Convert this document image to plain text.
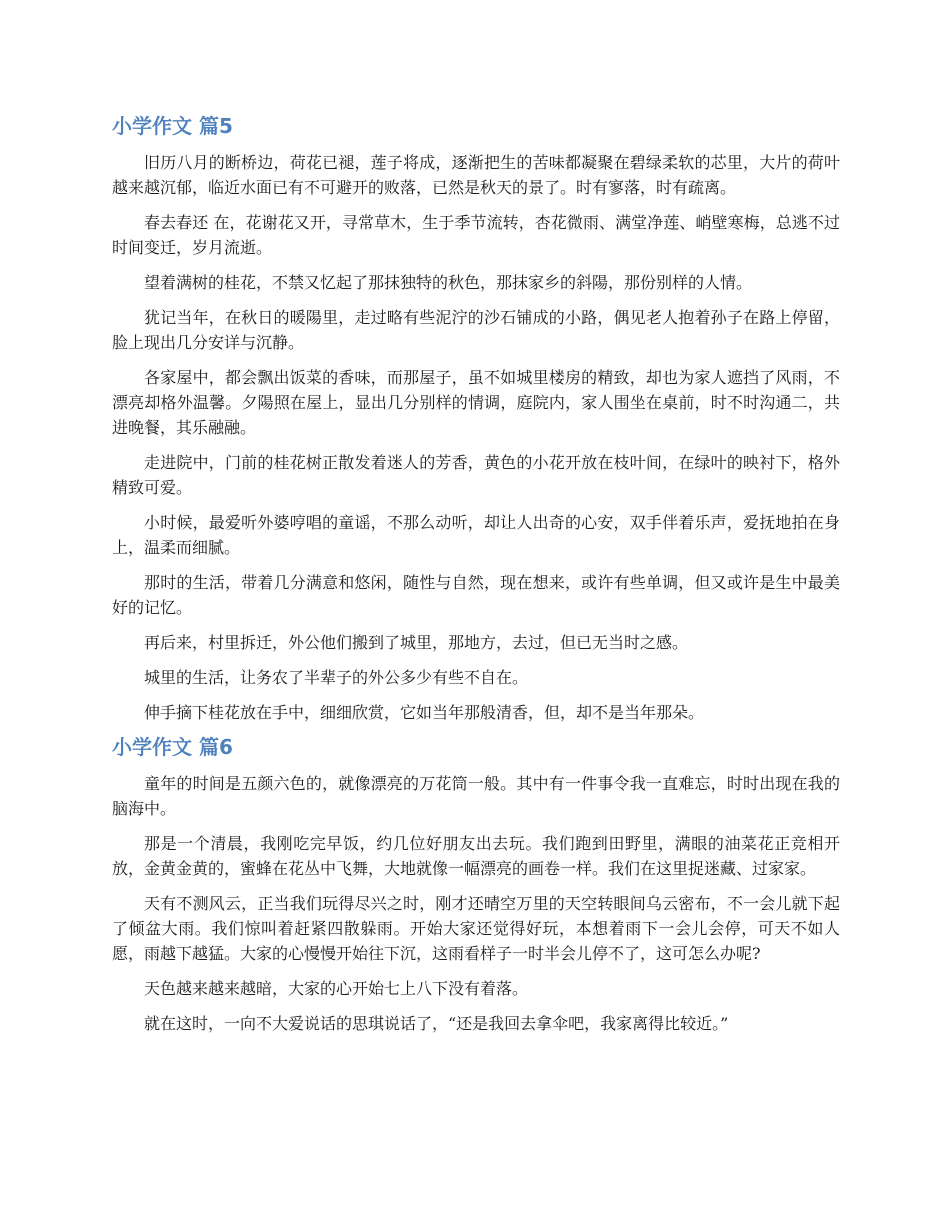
小学作文 篇5

旧历八月的断桥边，荷花已褪，莲子将成，逐渐把生的苦味都凝聚在碧绿柔软的芯里，大片的荷叶越来越沉郁，临近水面已有不可避开的败落，已然是秋天的景了。时有寥落，时有疏离。

春去春还 在，花谢花又开，寻常草木，生于季节流转，杏花微雨、满堂净莲、峭壁寒梅，总逃不过时间变迁，岁月流逝。

望着满树的桂花，不禁又忆起了那抹独特的秋色，那抹家乡的斜陽，那份别样的人情。

犹记当年，在秋日的暖陽里，走过略有些泥泞的沙石铺成的小路，偶见老人抱着孙子在路上停留，脸上现出几分安详与沉静。

各家屋中，都会飘出饭菜的香味，而那屋子，虽不如城里楼房的精致，却也为家人遮挡了风雨，不漂亮却格外温馨。夕陽照在屋上，显出几分别样的情调，庭院内，家人围坐在桌前，时不时沟通二，共进晚餐，其乐融融。

走进院中，门前的桂花树正散发着迷人的芳香，黄色的小花开放在枝叶间，在绿叶的映衬下，格外精致可爱。

小时候，最爱听外婆哼唱的童谣，不那么动听，却让人出奇的心安，双手伴着乐声，爱抚地拍在身上，温柔而细腻。

那时的生活，带着几分满意和悠闲，随性与自然，现在想来，或许有些单调，但又或许是生中最美好的记忆。

再后来，村里拆迁，外公他们搬到了城里，那地方，去过，但已无当时之感。

城里的生活，让务农了半辈子的外公多少有些不自在。

伸手摘下桂花放在手中，细细欣赏，它如当年那般清香，但，却不是当年那朵。

小学作文 篇6

童年的时间是五颜六色的，就像漂亮的万花筒一般。其中有一件事令我一直难忘，时时出现在我的脑海中。

那是一个清晨，我刚吃完早饭，约几位好朋友出去玩。我们跑到田野里，满眼的油菜花正竞相开放，金黄金黄的，蜜蜂在花丛中飞舞，大地就像一幅漂亮的画卷一样。我们在这里捉迷藏、过家家。

天有不测风云，正当我们玩得尽兴之时，刚才还晴空万里的天空转眼间乌云密布，不一会儿就下起了倾盆大雨。我们惊叫着赶紧四散躲雨。开始大家还觉得好玩，本想着雨下一会儿会停，可天不如人愿，雨越下越猛。大家的心慢慢开始往下沉，这雨看样子一时半会儿停不了，这可怎么办呢?

天色越来越来越暗，大家的心开始七上八下没有着落。

就在这时，一向不大爱说话的思琪说话了，“还是我回去拿伞吧，我家离得比较近。”
